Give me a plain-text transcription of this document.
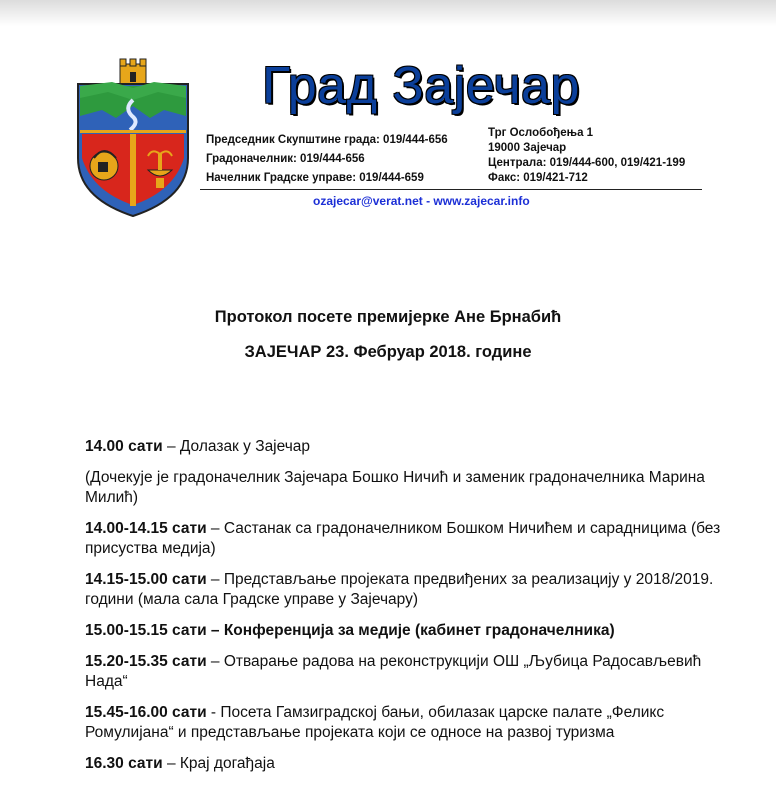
Град Зајечар
Председник Скупштине града: 019/444-656
Градоначелник: 019/444-656
Начелник Градске управе: 019/444-659
Трг Ослобођења 1
19000 Зајечар
Централа: 019/444-600, 019/421-199
Факс: 019/421-712
ozajecar@verat.net - www.zajecar.info
Протокол посете премијерке Ане Брнабић
ЗАЈЕЧАР 23. Фебруар 2018. године
14.00 сати – Долазак у Зајечар
(Дочекује је градоначелник Зајечара Бошко Ничић и заменик градоначелника Марина Милић)
14.00-14.15 сати – Састанак са градоначелником Бошком Ничићем и сарадницима (без присуства медија)
14.15-15.00 сати – Представљање пројеката предвиђених за реализацију у 2018/2019. години (мала сала Градске управе у Зајечару)
15.00-15.15 сати – Конференција за медије (кабинет градоначелника)
15.20-15.35 сати – Отварање радова на реконструкцији ОШ „Љубица Радосављевић Нада“
15.45-16.00 сати - Посета Гамзиградској бањи, обилазак царске палате „Феликс Ромулијана“ и представљање пројеката који се односе на развој туризма
16.30 сати – Крај догађаја
